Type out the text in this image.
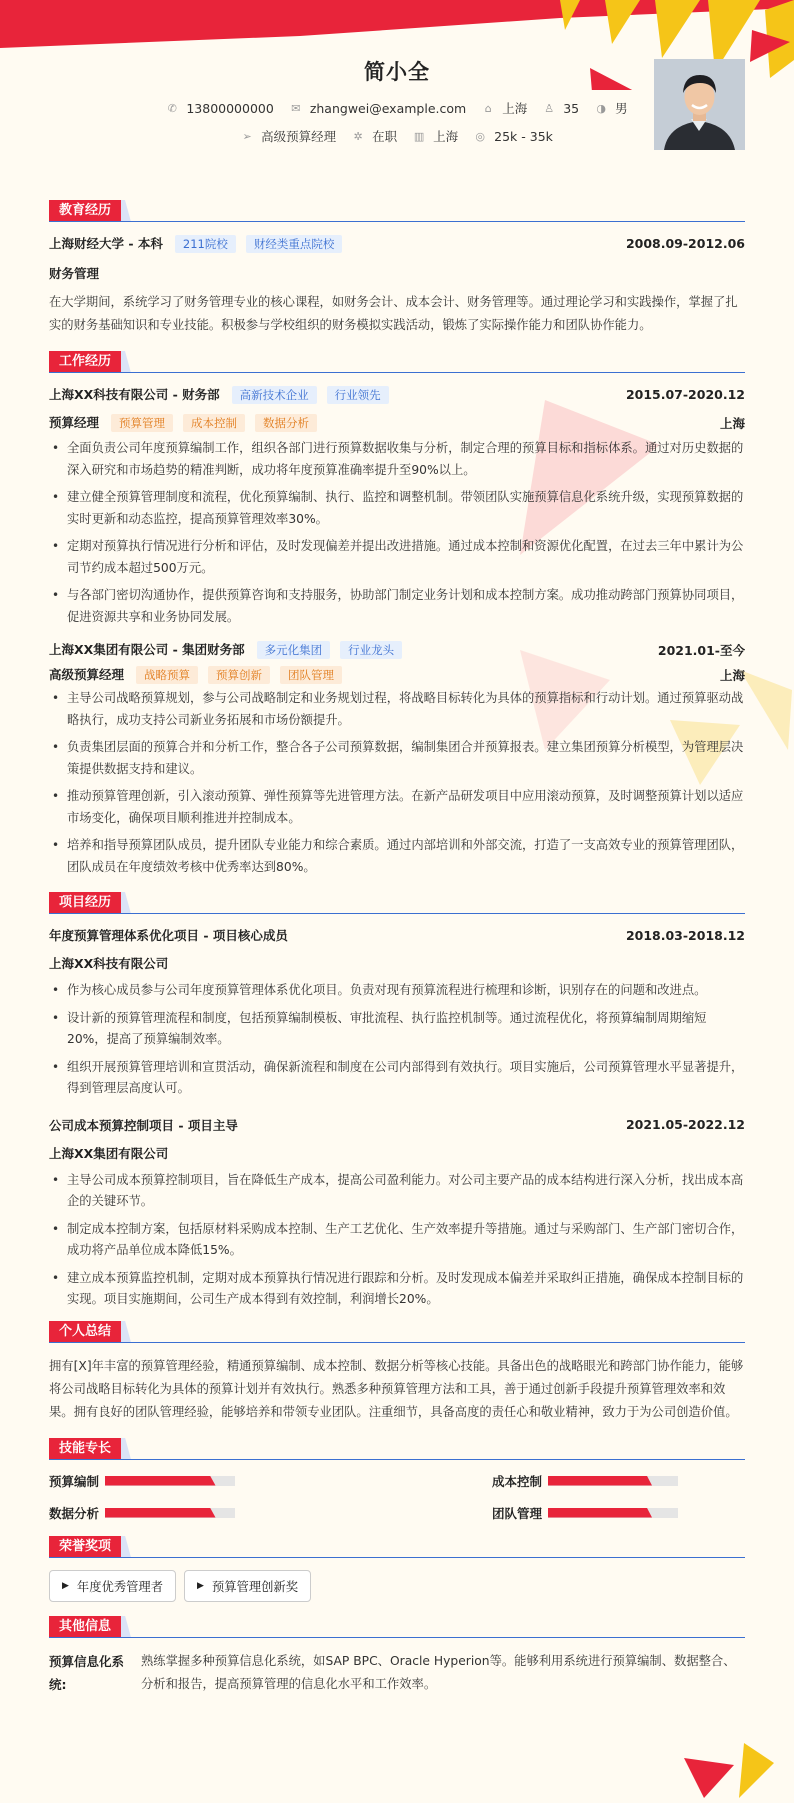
简小全
✆ 13800000000 ✉ zhangwei@example.com ⌂ 上海 ♙ 35 ◑ 男
➢ 高级预算经理 ✲ 在职 ▥ 上海 ◎ 25k - 35k
教育经历
上海财经大学 - 本科 211院校 财经类重点院校	2008.09-2012.06
财务管理
在大学期间，系统学习了财务管理专业的核心课程，如财务会计、成本会计、财务管理等。通过理论学习和实践操作，掌握了扎实的财务基础知识和专业技能。积极参与学校组织的财务模拟实践活动，锻炼了实际操作能力和团队协作能力。
工作经历
上海XX科技有限公司 - 财务部 高新技术企业 行业领先	2015.07-2020.12
预算经理 预算管理 成本控制 数据分析	上海
• 全面负责公司年度预算编制工作，组织各部门进行预算数据收集与分析，制定合理的预算目标和指标体系。通过对历史数据的深入研究和市场趋势的精准判断，成功将年度预算准确率提升至90%以上。
• 建立健全预算管理制度和流程，优化预算编制、执行、监控和调整机制。带领团队实施预算信息化系统升级，实现预算数据的实时更新和动态监控，提高预算管理效率30%。
• 定期对预算执行情况进行分析和评估，及时发现偏差并提出改进措施。通过成本控制和资源优化配置，在过去三年中累计为公司节约成本超过500万元。
• 与各部门密切沟通协作，提供预算咨询和支持服务，协助部门制定业务计划和成本控制方案。成功推动跨部门预算协同项目，促进资源共享和业务协同发展。
上海XX集团有限公司 - 集团财务部 多元化集团 行业龙头	2021.01-至今
高级预算经理 战略预算 预算创新 团队管理	上海
• 主导公司战略预算规划，参与公司战略制定和业务规划过程，将战略目标转化为具体的预算指标和行动计划。通过预算驱动战略执行，成功支持公司新业务拓展和市场份额提升。
• 负责集团层面的预算合并和分析工作，整合各子公司预算数据，编制集团合并预算报表。建立集团预算分析模型，为管理层决策提供数据支持和建议。
• 推动预算管理创新，引入滚动预算、弹性预算等先进管理方法。在新产品研发项目中应用滚动预算，及时调整预算计划以适应市场变化，确保项目顺利推进并控制成本。
• 培养和指导预算团队成员，提升团队专业能力和综合素质。通过内部培训和外部交流，打造了一支高效专业的预算管理团队，团队成员在年度绩效考核中优秀率达到80%。
项目经历
年度预算管理体系优化项目 - 项目核心成员	2018.03-2018.12
上海XX科技有限公司
• 作为核心成员参与公司年度预算管理体系优化项目。负责对现有预算流程进行梳理和诊断，识别存在的问题和改进点。
• 设计新的预算管理流程和制度，包括预算编制模板、审批流程、执行监控机制等。通过流程优化，将预算编制周期缩短20%，提高了预算编制效率。
• 组织开展预算管理培训和宣贯活动，确保新流程和制度在公司内部得到有效执行。项目实施后，公司预算管理水平显著提升，得到管理层高度认可。
公司成本预算控制项目 - 项目主导	2021.05-2022.12
上海XX集团有限公司
• 主导公司成本预算控制项目，旨在降低生产成本，提高公司盈利能力。对公司主要产品的成本结构进行深入分析，找出成本高企的关键环节。
• 制定成本控制方案，包括原材料采购成本控制、生产工艺优化、生产效率提升等措施。通过与采购部门、生产部门密切合作，成功将产品单位成本降低15%。
• 建立成本预算监控机制，定期对成本预算执行情况进行跟踪和分析。及时发现成本偏差并采取纠正措施，确保成本控制目标的实现。项目实施期间，公司生产成本得到有效控制，利润增长20%。
个人总结
拥有[X]年丰富的预算管理经验，精通预算编制、成本控制、数据分析等核心技能。具备出色的战略眼光和跨部门协作能力，能够将公司战略目标转化为具体的预算计划并有效执行。熟悉多种预算管理方法和工具，善于通过创新手段提升预算管理效率和效果。拥有良好的团队管理经验，能够培养和带领专业团队。注重细节，具备高度的责任心和敬业精神，致力于为公司创造价值。
技能专长
预算编制	成本控制
数据分析	团队管理
荣誉奖项
▶ 年度优秀管理者	▶ 预算管理创新奖
其他信息
预算信息化系统:
熟练掌握多种预算信息化系统，如SAP BPC、Oracle Hyperion等。能够利用系统进行预算编制、数据整合、分析和报告，提高预算管理的信息化水平和工作效率。
